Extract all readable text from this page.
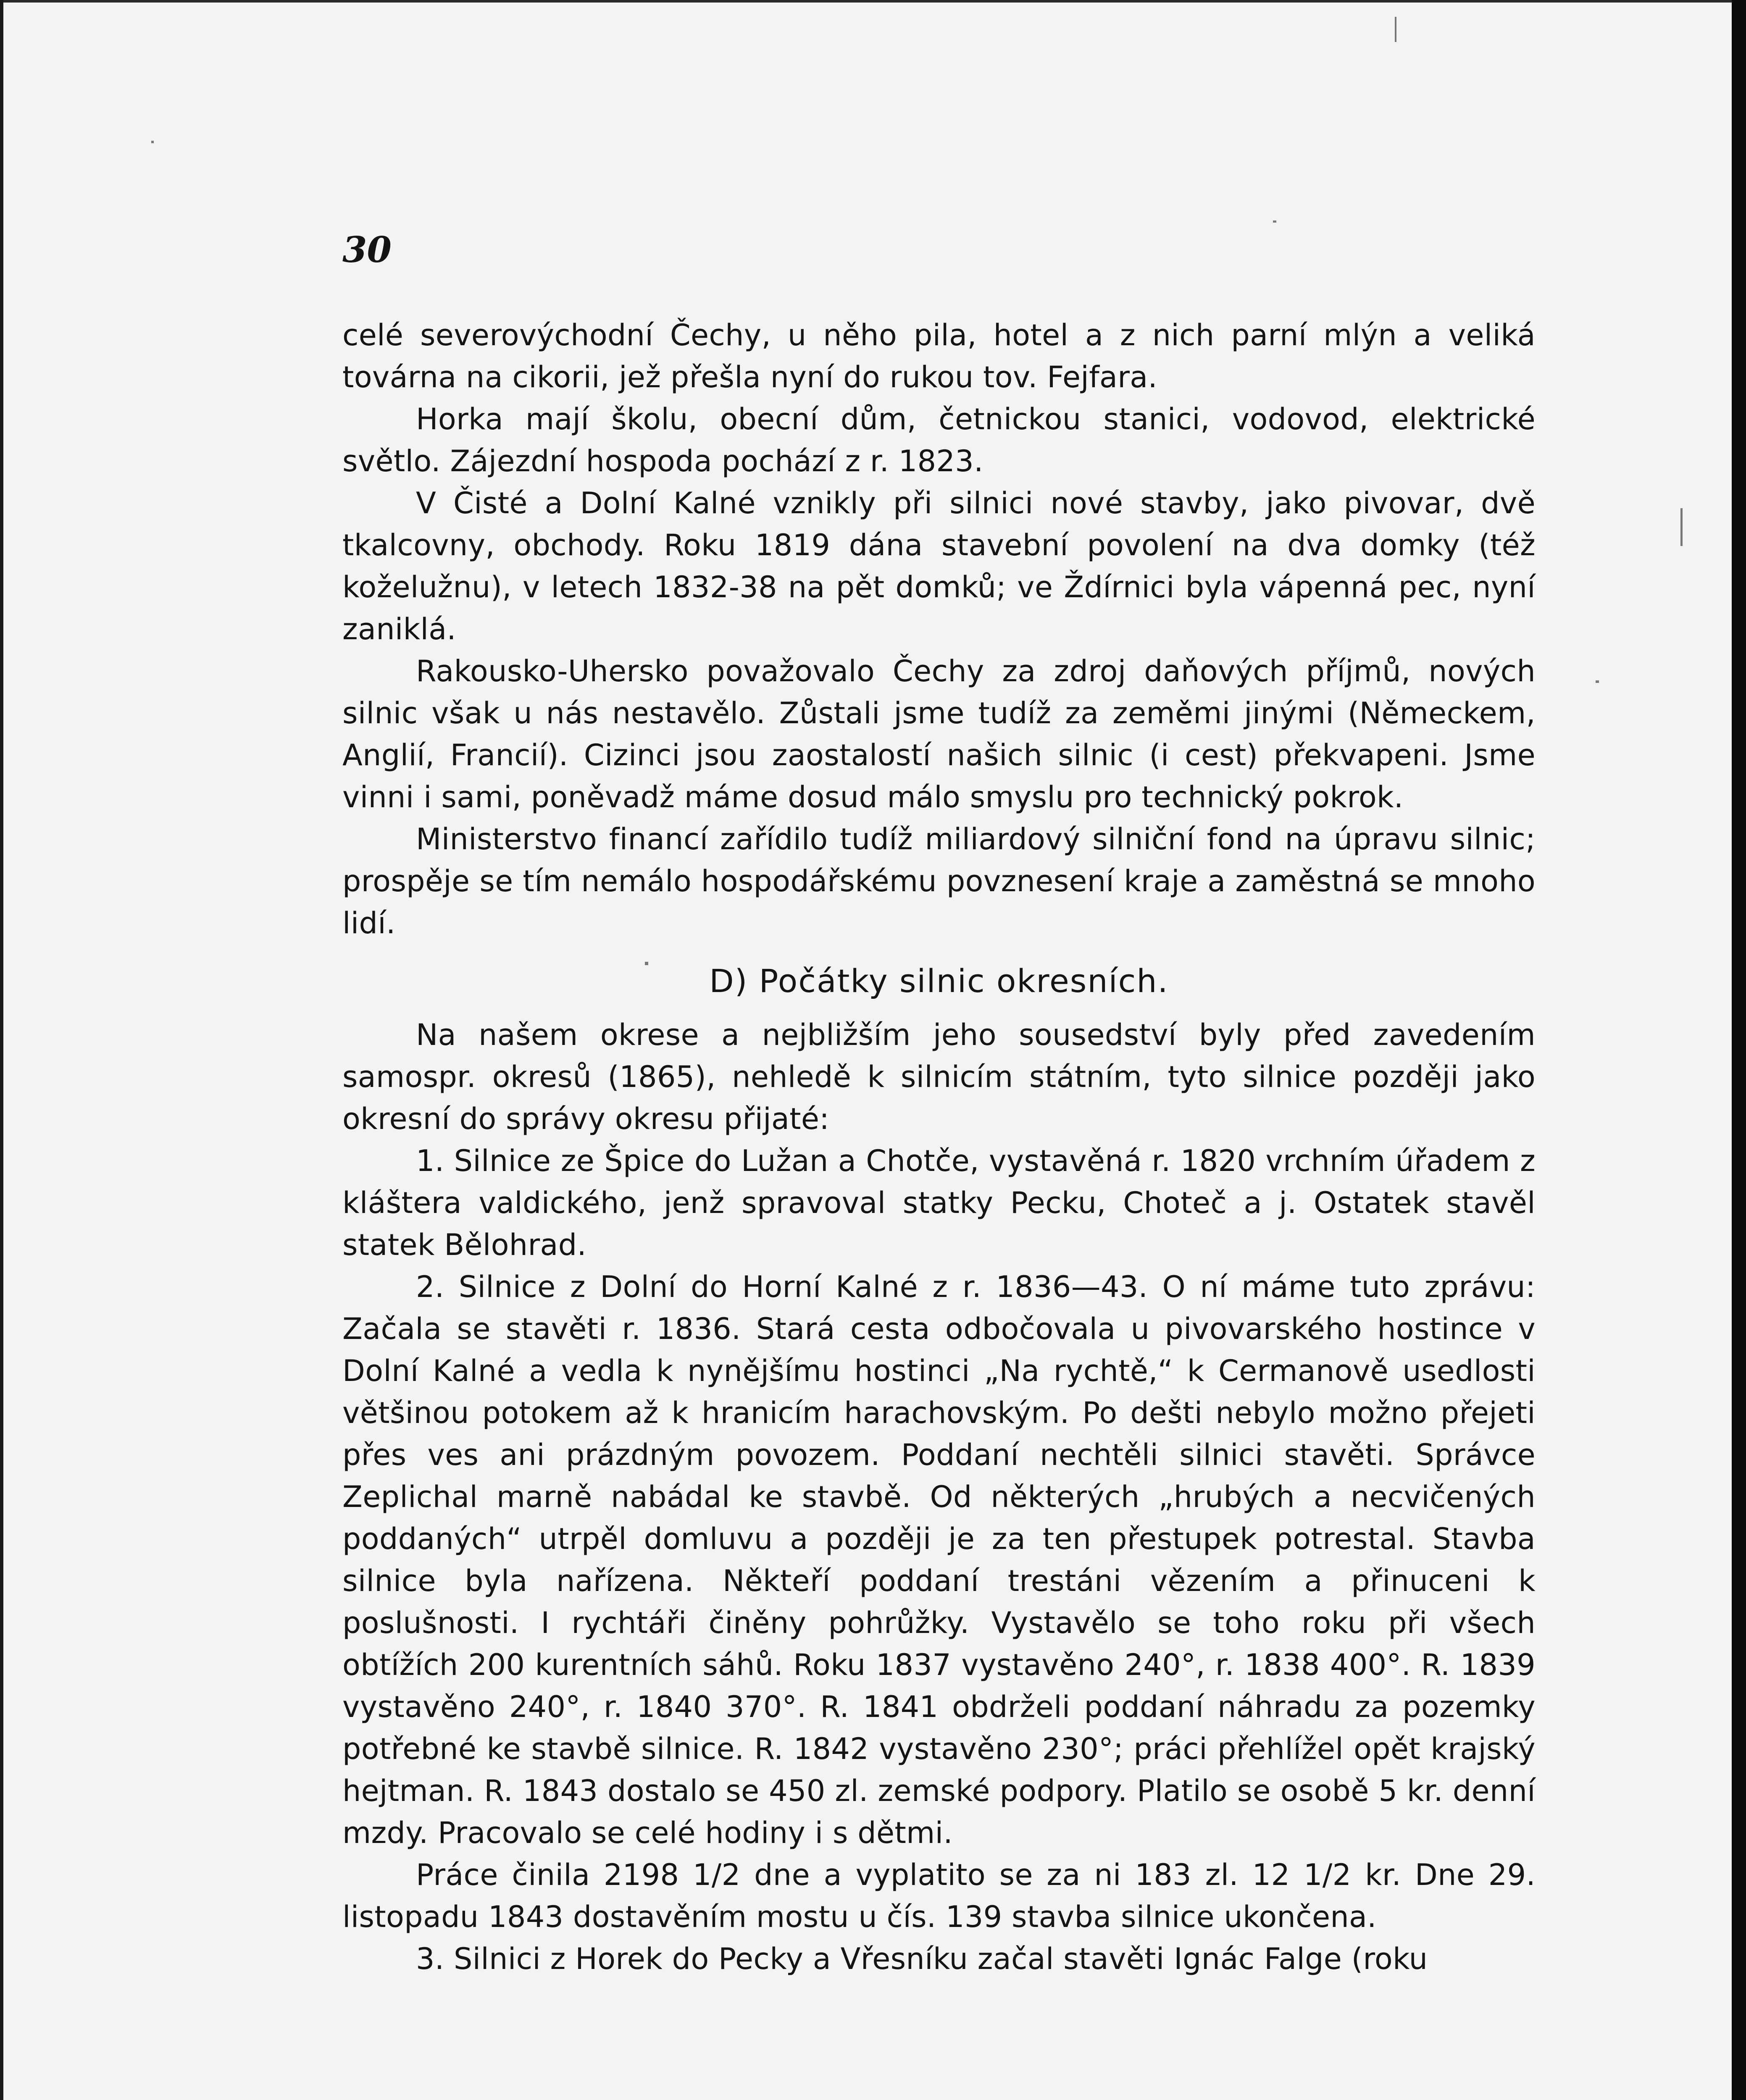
30

celé severovýchodní Čechy, u něho pila, hotel a z nich parní mlýn a veliká továrna na cikorii, jež přešla nyní do rukou tov. Fejfara.

Horka mají školu, obecní dům, četnickou stanici, vodovod, elektrické světlo. Zájezdní hospoda pochází z r. 1823.

V Čisté a Dolní Kalné vznikly při silnici nové stavby, jako pivovar, dvě tkalcovny, obchody. Roku 1819 dána stavební povolení na dva domky (též koželužnu), v letech 1832-38 na pět domků; ve Ždírnici byla vápenná pec, nyní zaniklá.

Rakousko-Uhersko považovalo Čechy za zdroj daňových příjmů, nových silnic však u nás nestavělo. Zůstali jsme tudíž za zeměmi jinými (Německem, Anglií, Francií). Cizinci jsou zaostalostí našich silnic (i cest) překvapeni. Jsme vinni i sami, poněvadž máme dosud málo smyslu pro technický pokrok.

Ministerstvo financí zařídilo tudíž miliardový silniční fond na úpravu silnic; prospěje se tím nemálo hospodářskému povznesení kraje a zaměstná se mnoho lidí.

D) Počátky silnic okresních.

Na našem okrese a nejbližším jeho sousedství byly před zavedením samospr. okresů (1865), nehledě k silnicím státním, tyto silnice později jako okresní do správy okresu přijaté:

1. Silnice ze Špice do Lužan a Chotče, vystavěná r. 1820 vrchním úřadem z kláštera valdického, jenž spravoval statky Pecku, Choteč a j. Ostatek stavěl statek Bělohrad.

2. Silnice z Dolní do Horní Kalné z r. 1836—43. O ní máme tuto zprávu: Začala se stavěti r. 1836. Stará cesta odbočovala u pivovarského hostince v Dolní Kalné a vedla k nynějšímu hostinci „Na rychtě,“ k Cermanově usedlosti většinou potokem až k hranicím harachovským. Po dešti nebylo možno přejeti přes ves ani prázdným povozem. Poddaní nechtěli silnici stavěti. Správce Zeplichal marně nabádal ke stavbě. Od některých „hrubých a necvičených poddaných“ utrpěl domluvu a později je za ten přestupek potrestal. Stavba silnice byla nařízena. Někteří poddaní trestáni vězením a přinuceni k poslušnosti. I rychtáři činěny pohrůžky. Vystavělo se toho roku při všech obtížích 200 kurentních sáhů. Roku 1837 vystavěno 240°, r. 1838 400°. R. 1839 vystavěno 240°, r. 1840 370°. R. 1841 obdrželi poddaní náhradu za pozemky potřebné ke stavbě silnice. R. 1842 vystavěno 230°; práci přehlížel opět krajský hejtman. R. 1843 dostalo se 450 zl. zemské podpory. Platilo se osobě 5 kr. denní mzdy. Pracovalo se celé hodiny i s dětmi.

Práce činila 2198 1/2 dne a vyplatito se za ni 183 zl. 12 1/2 kr. Dne 29. listopadu 1843 dostavěním mostu u čís. 139 stavba silnice ukončena.

3. Silnici z Horek do Pecky a Vřesníku začal stavěti Ignác Falge (roku
